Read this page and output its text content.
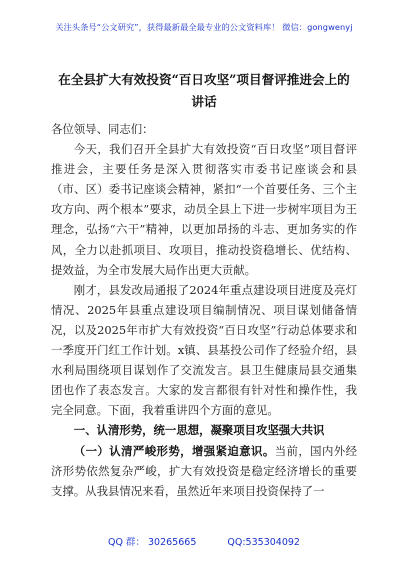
关注头条号“公文研究”，获得最新最全最专业的公文资料库！ 微信：gongwenyj
在全县扩大有效投资“百日攻坚”项目督评推进会上的讲话

各位领导、同志们：

今天，我们召开全县扩大有效投资“百日攻坚”项目督评推进会，主要任务是深入贯彻落实市委书记座谈会和县（市、区）委书记座谈会精神，紧扣“一个首要任务、三个主攻方向、两个根本”要求，动员全县上下进一步树牢项目为王理念，弘扬“六干”精神，以更加昂扬的斗志、更加务实的作风，全力以赴抓项目、攻项目，推动投资稳增长、优结构、提效益，为全市发展大局作出更大贡献。

刚才，县发改局通报了2024年重点建设项目进度及亮灯情况、2025年县重点建设项目编制情况、项目谋划储备情况，以及2025年市扩大有效投资“百日攻坚”行动总体要求和一季度开门红工作计划。x镇、县基投公司作了经验介绍，县水利局围绕项目谋划作了交流发言。县卫生健康局县交通集团也作了表态发言。大家的发言都很有针对性和操作性，我完全同意。下面，我着重讲四个方面的意见。

一、认清形势，统一思想，凝聚项目攻坚强大共识

（一）认清严峻形势，增强紧迫意识。当前，国内外经济形势依然复杂严峻，扩大有效投资是稳定经济增长的重要支撑。从我县情况来看，虽然近年来项目投资保持了一

QQ 群： 30265665	QQ:535304092
